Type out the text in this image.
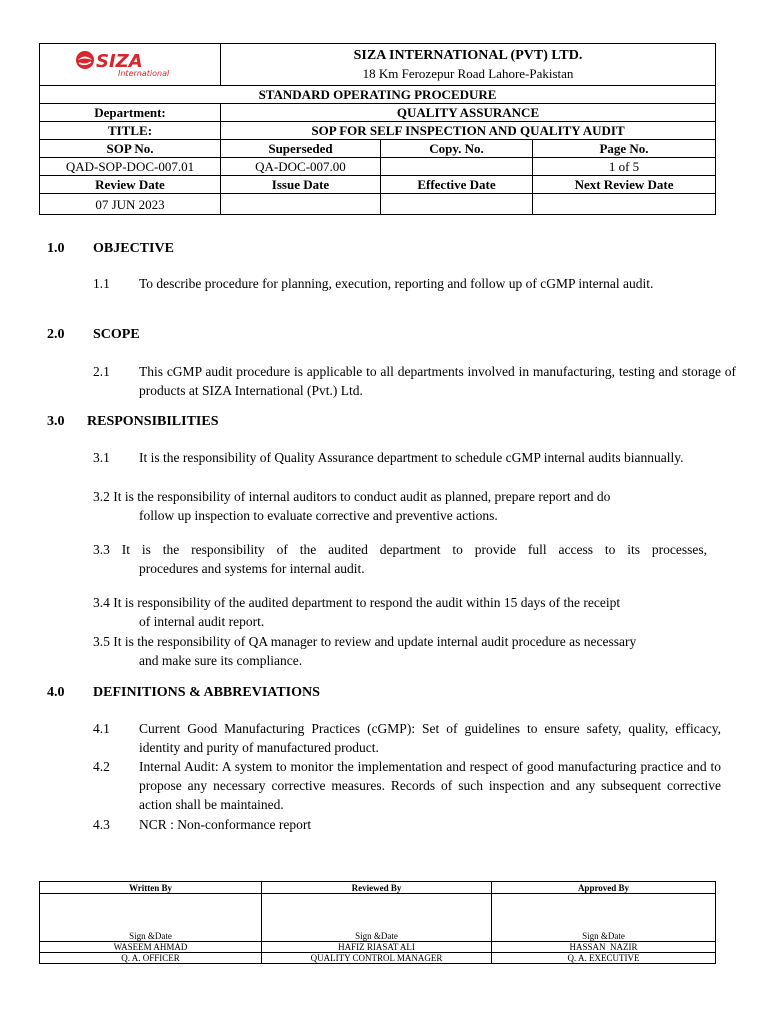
SIZA
International	SIZA INTERNATIONAL (PVT) LTD.
18 Km Ferozepur Road Lahore-Pakistan		

STANDARD OPERATING PROCEDURE			
Department:	QUALITY ASSURANCE		
TITLE:	SOP FOR SELF INSPECTION AND QUALITY AUDIT		
SOP No.	Superseded	Copy. No.	Page No.
QAD-SOP-DOC-007.01	QA-DOC-007.00		1 of 5
Review Date	Issue Date	Effective Date	Next Review Date
07 JUN 2023			
1.0 OBJECTIVE
1.1 To describe procedure for planning, execution, reporting and follow up of cGMP internal audit.
2.0 SCOPE
2.1 This cGMP audit procedure is applicable to all departments involved in manufacturing, testing and storage of products at SIZA International (Pvt.) Ltd.
3.0 RESPONSIBILITIES
3.1 It is the responsibility of Quality Assurance department to schedule cGMP internal audits biannually.
3.2 It is the responsibility of internal auditors to conduct audit as planned, prepare report and do
follow up inspection to evaluate corrective and preventive actions.
3.3 It is the responsibility of the audited department to provide full access to its processes,
procedures and systems for internal audit.
3.4 It is responsibility of the audited department to respond the audit within 15 days of the receipt
of internal audit report.
3.5 It is the responsibility of QA manager to review and update internal audit procedure as necessary
and make sure its compliance.
4.0 DEFINITIONS & ABBREVIATIONS
4.1 Current Good Manufacturing Practices (cGMP): Set of guidelines to ensure safety, quality, efficacy, identity and purity of manufactured product.
4.2 Internal Audit: A system to monitor the implementation and respect of good manufacturing practice and to propose any necessary corrective measures. Records of such inspection and any subsequent corrective action shall be maintained.
4.3 NCR : Non-conformance report
Written By	Reviewed By	Approved By
Sign &Date	Sign &Date	Sign &Date
WASEEM AHMAD	HAFIZ RIASAT ALI	HASSAN  NAZIR
Q. A. OFFICER	QUALITY CONTROL MANAGER	Q. A. EXECUTIVE
